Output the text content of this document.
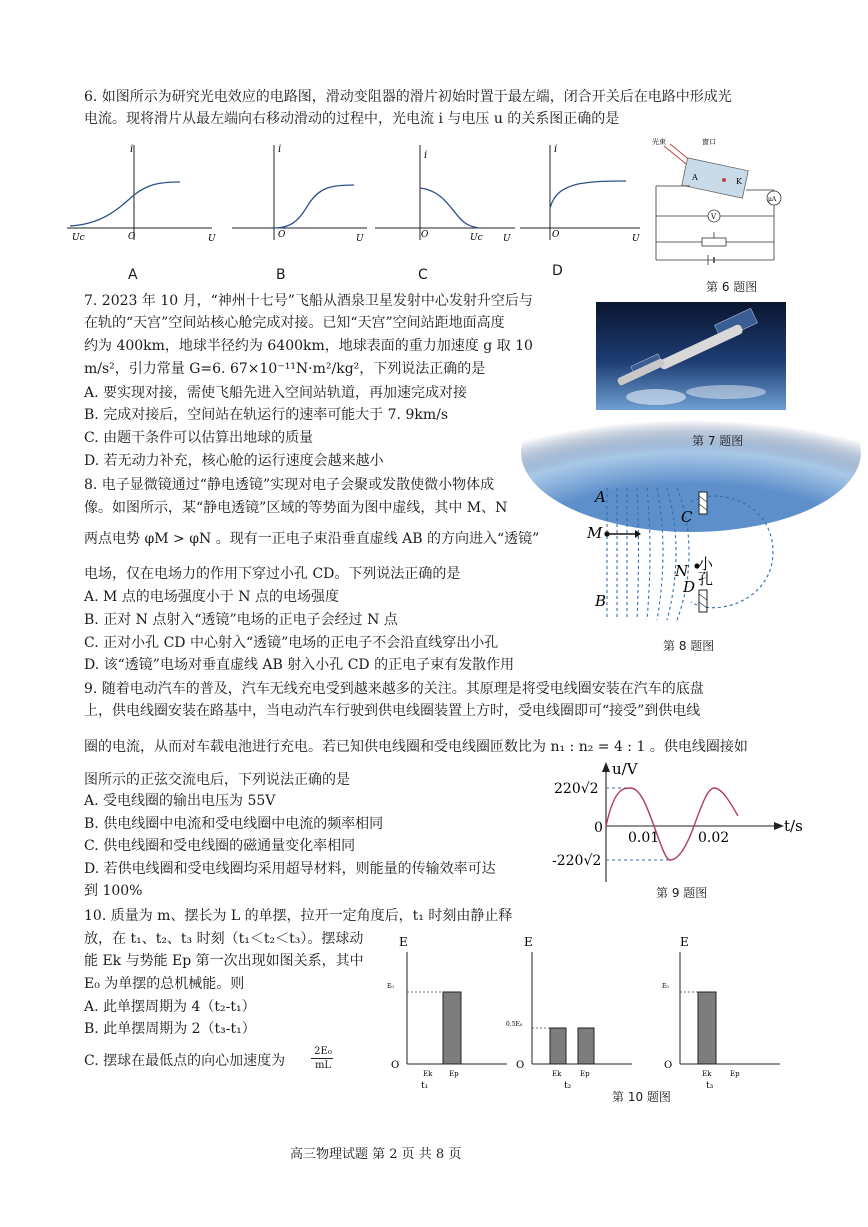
6. 如图所示为研究光电效应的电路图，滑动变阻器的滑片初始时置于最左端，闭合开关后在电路中形成光
电流。现将滑片从最左端向右移动滑动的过程中，光电流 i 与电压 u 的关系图正确的是
i
Uc	O	U
A
i
O	U
B
i
O	Uc U
C
i
O	U
D
光束	窗口
A	K
μA
V
第 6 题图
7. 2023 年 10 月，“神州十七号”飞船从酒泉卫星发射中心发射升空后与
在轨的“天宫”空间站核心舱完成对接。已知“天宫”空间站距地面高度
约为 400km，地球半径约为 6400km，地球表面的重力加速度 g 取 10
m/s²，引力常量 G=6. 67×10⁻¹¹N·m²/kg²，下列说法正确的是
A. 要实现对接，需使飞船先进入空间站轨道，再加速完成对接
B. 完成对接后，空间站在轨运行的速率可能大于 7. 9km/s
C. 由题干条件可以估算出地球的质量
D. 若无动力补充，核心舱的运行速度会越来越小
第 7 题图
8. 电子显微镜通过“静电透镜”实现对电子会聚或发散使微小物体成
像。如图所示，某“静电透镜”区域的等势面为图中虚线，其中 M、N
两点电势 φM > φN 。现有一正电子束沿垂直虚线 AB 的方向进入“透镜”
电场，仅在电场力的作用下穿过小孔 CD。下列说法正确的是
A. M 点的电场强度小于 N 点的电场强度
B. 正对 N 点射入“透镜”电场的正电子会经过 N 点
C. 正对小孔 CD 中心射入“透镜”电场的正电子不会沿直线穿出小孔
D. 该“透镜”电场对垂直虚线 AB 射入小孔 CD 的正电子束有发散作用
A
M
B
C
N
D
小孔
第 8 题图
9. 随着电动汽车的普及，汽车无线充电受到越来越多的关注。其原理是将受电线圈安装在汽车的底盘
上，供电线圈安装在路基中，当电动汽车行驶到供电线圈装置上方时，受电线圈即可“接受”到供电线
圈的电流，从而对车载电池进行充电。若已知供电线圈和受电线圈匝数比为 n₁ : n₂ = 4 : 1 。供电线圈接如
图所示的正弦交流电后，下列说法正确的是
A. 受电线圈的输出电压为 55V
B. 供电线圈中电流和受电线圈中电流的频率相同
C. 供电线圈和受电线圈的磁通量变化率相同
D. 若供电线圈和受电线圈均采用超导材料，则能量的传输效率可达
到 100%
u/V
t/s
220√2
-220√2
0
0.01	0.02
第 9 题图
10. 质量为 m、摆长为 L 的单摆，拉开一定角度后，t₁ 时刻由静止释
放，在 t₁、t₂、t₃ 时刻（t₁＜t₂＜t₃）。摆球动
能 Ek 与势能 Ep 第一次出现如图关系，其中
E₀ 为单摆的总机械能。则
A. 此单摆周期为 4（t₂-t₁）
B. 此单摆周期为 2（t₃-t₁）
C. 摆球在最低点的向心加速度为
2E₀
mL
E
O
E₀
Ek Ep
t₁
E
O
0.5E₀
Ek	Ep
t₂
E
O
E₀
Ek	Ep
t₃
第 10 题图
高三物理试题 第 2 页 共 8 页
